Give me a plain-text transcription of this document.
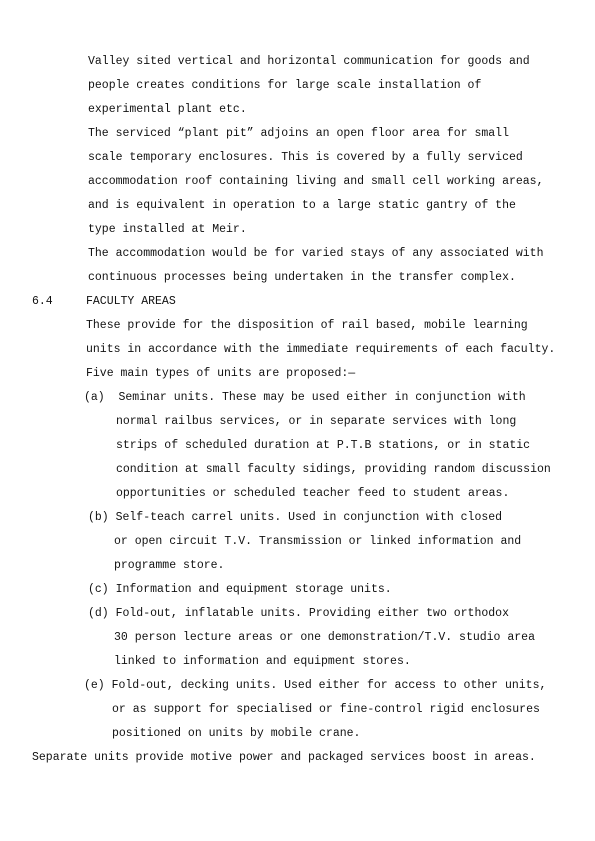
Valley sited vertical and horizontal communication for goods and
people creates conditions for large scale installation of
experimental plant etc.
The serviced “plant pit” adjoins an open floor area for small
scale temporary enclosures. This is covered by a fully serviced
accommodation roof containing living and small cell working areas,
and is equivalent in operation to a large static gantry of the
type installed at Meir.
The accommodation would be for varied stays of any associated with
continuous processes being undertaken in the transfer complex.
6.4	FACULTY AREAS
These provide for the disposition of rail based, mobile learning
units in accordance with the immediate requirements of each faculty.
Five main types of units are proposed:—
(a)  Seminar units. These may be used either in conjunction with
normal railbus services, or in separate services with long
strips of scheduled duration at P.T.B stations, or in static
condition at small faculty sidings, providing random discussion
opportunities or scheduled teacher feed to student areas.
(b) Self-teach carrel units. Used in conjunction with closed
or open circuit T.V. Transmission or linked information and
programme store.
(c) Information and equipment storage units.
(d) Fold-out, inflatable units. Providing either two orthodox
30 person lecture areas or one demonstration/T.V. studio area
linked to information and equipment stores.
(e) Fold-out, decking units. Used either for access to other units,
or as support for specialised or fine-control rigid enclosures
positioned on units by mobile crane.
Separate units provide motive power and packaged services boost in areas.
